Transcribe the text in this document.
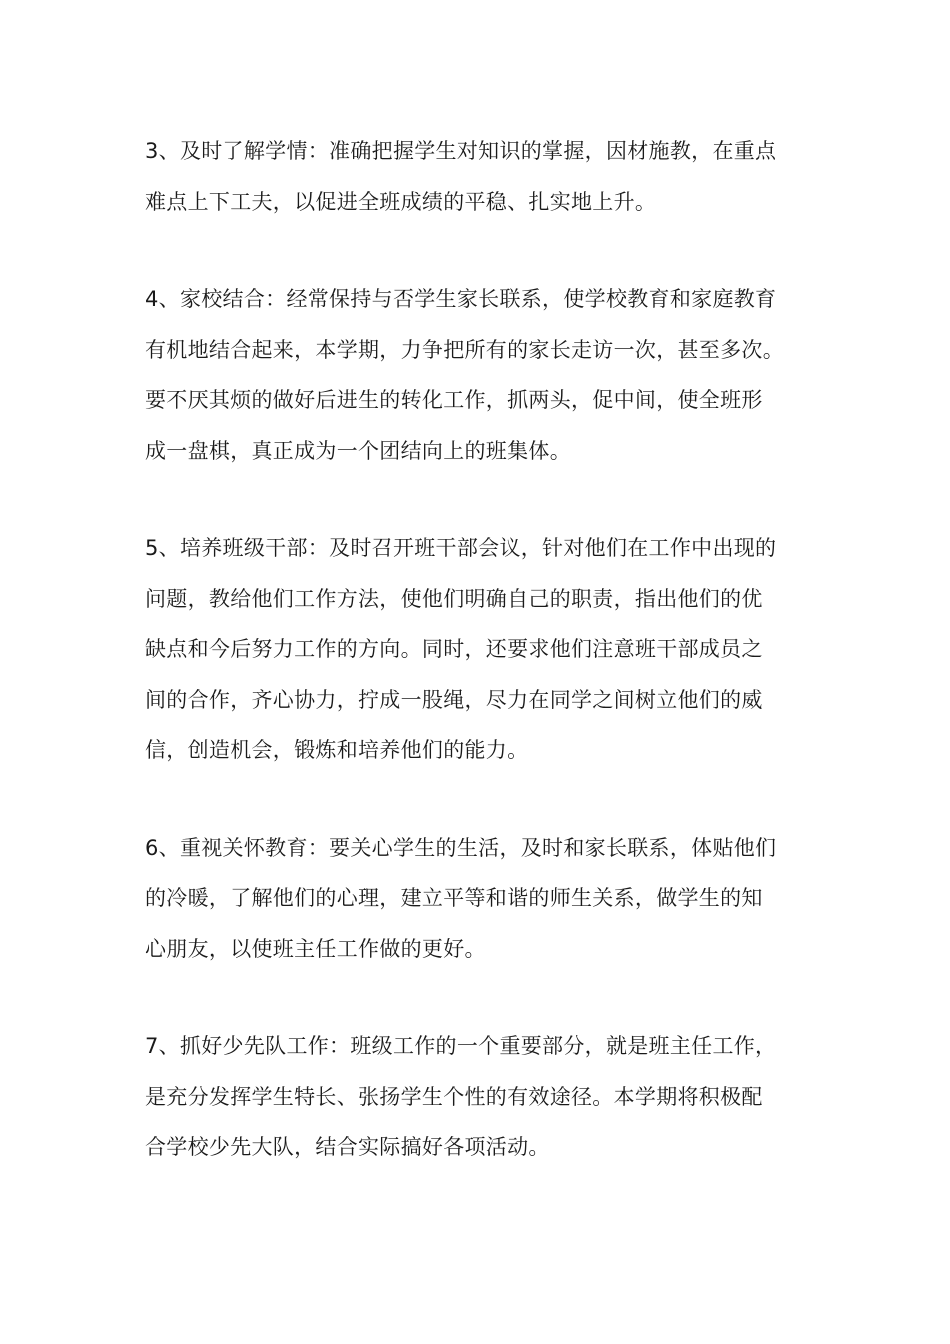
3、及时了解学情：准确把握学生对知识的掌握，因材施教，在重点
难点上下工夫，以促进全班成绩的平稳、扎实地上升。
4、家校结合：经常保持与否学生家长联系，使学校教育和家庭教育
有机地结合起来，本学期，力争把所有的家长走访一次，甚至多次。
要不厌其烦的做好后进生的转化工作，抓两头，促中间，使全班形
成一盘棋，真正成为一个团结向上的班集体。
5、培养班级干部：及时召开班干部会议，针对他们在工作中出现的
问题，教给他们工作方法，使他们明确自己的职责，指出他们的优
缺点和今后努力工作的方向。同时，还要求他们注意班干部成员之
间的合作，齐心协力，拧成一股绳，尽力在同学之间树立他们的威
信，创造机会，锻炼和培养他们的能力。
6、重视关怀教育：要关心学生的生活，及时和家长联系，体贴他们
的冷暖，了解他们的心理，建立平等和谐的师生关系，做学生的知
心朋友，以使班主任工作做的更好。
7、抓好少先队工作：班级工作的一个重要部分，就是班主任工作，
是充分发挥学生特长、张扬学生个性的有效途径。本学期将积极配
合学校少先大队，结合实际搞好各项活动。
